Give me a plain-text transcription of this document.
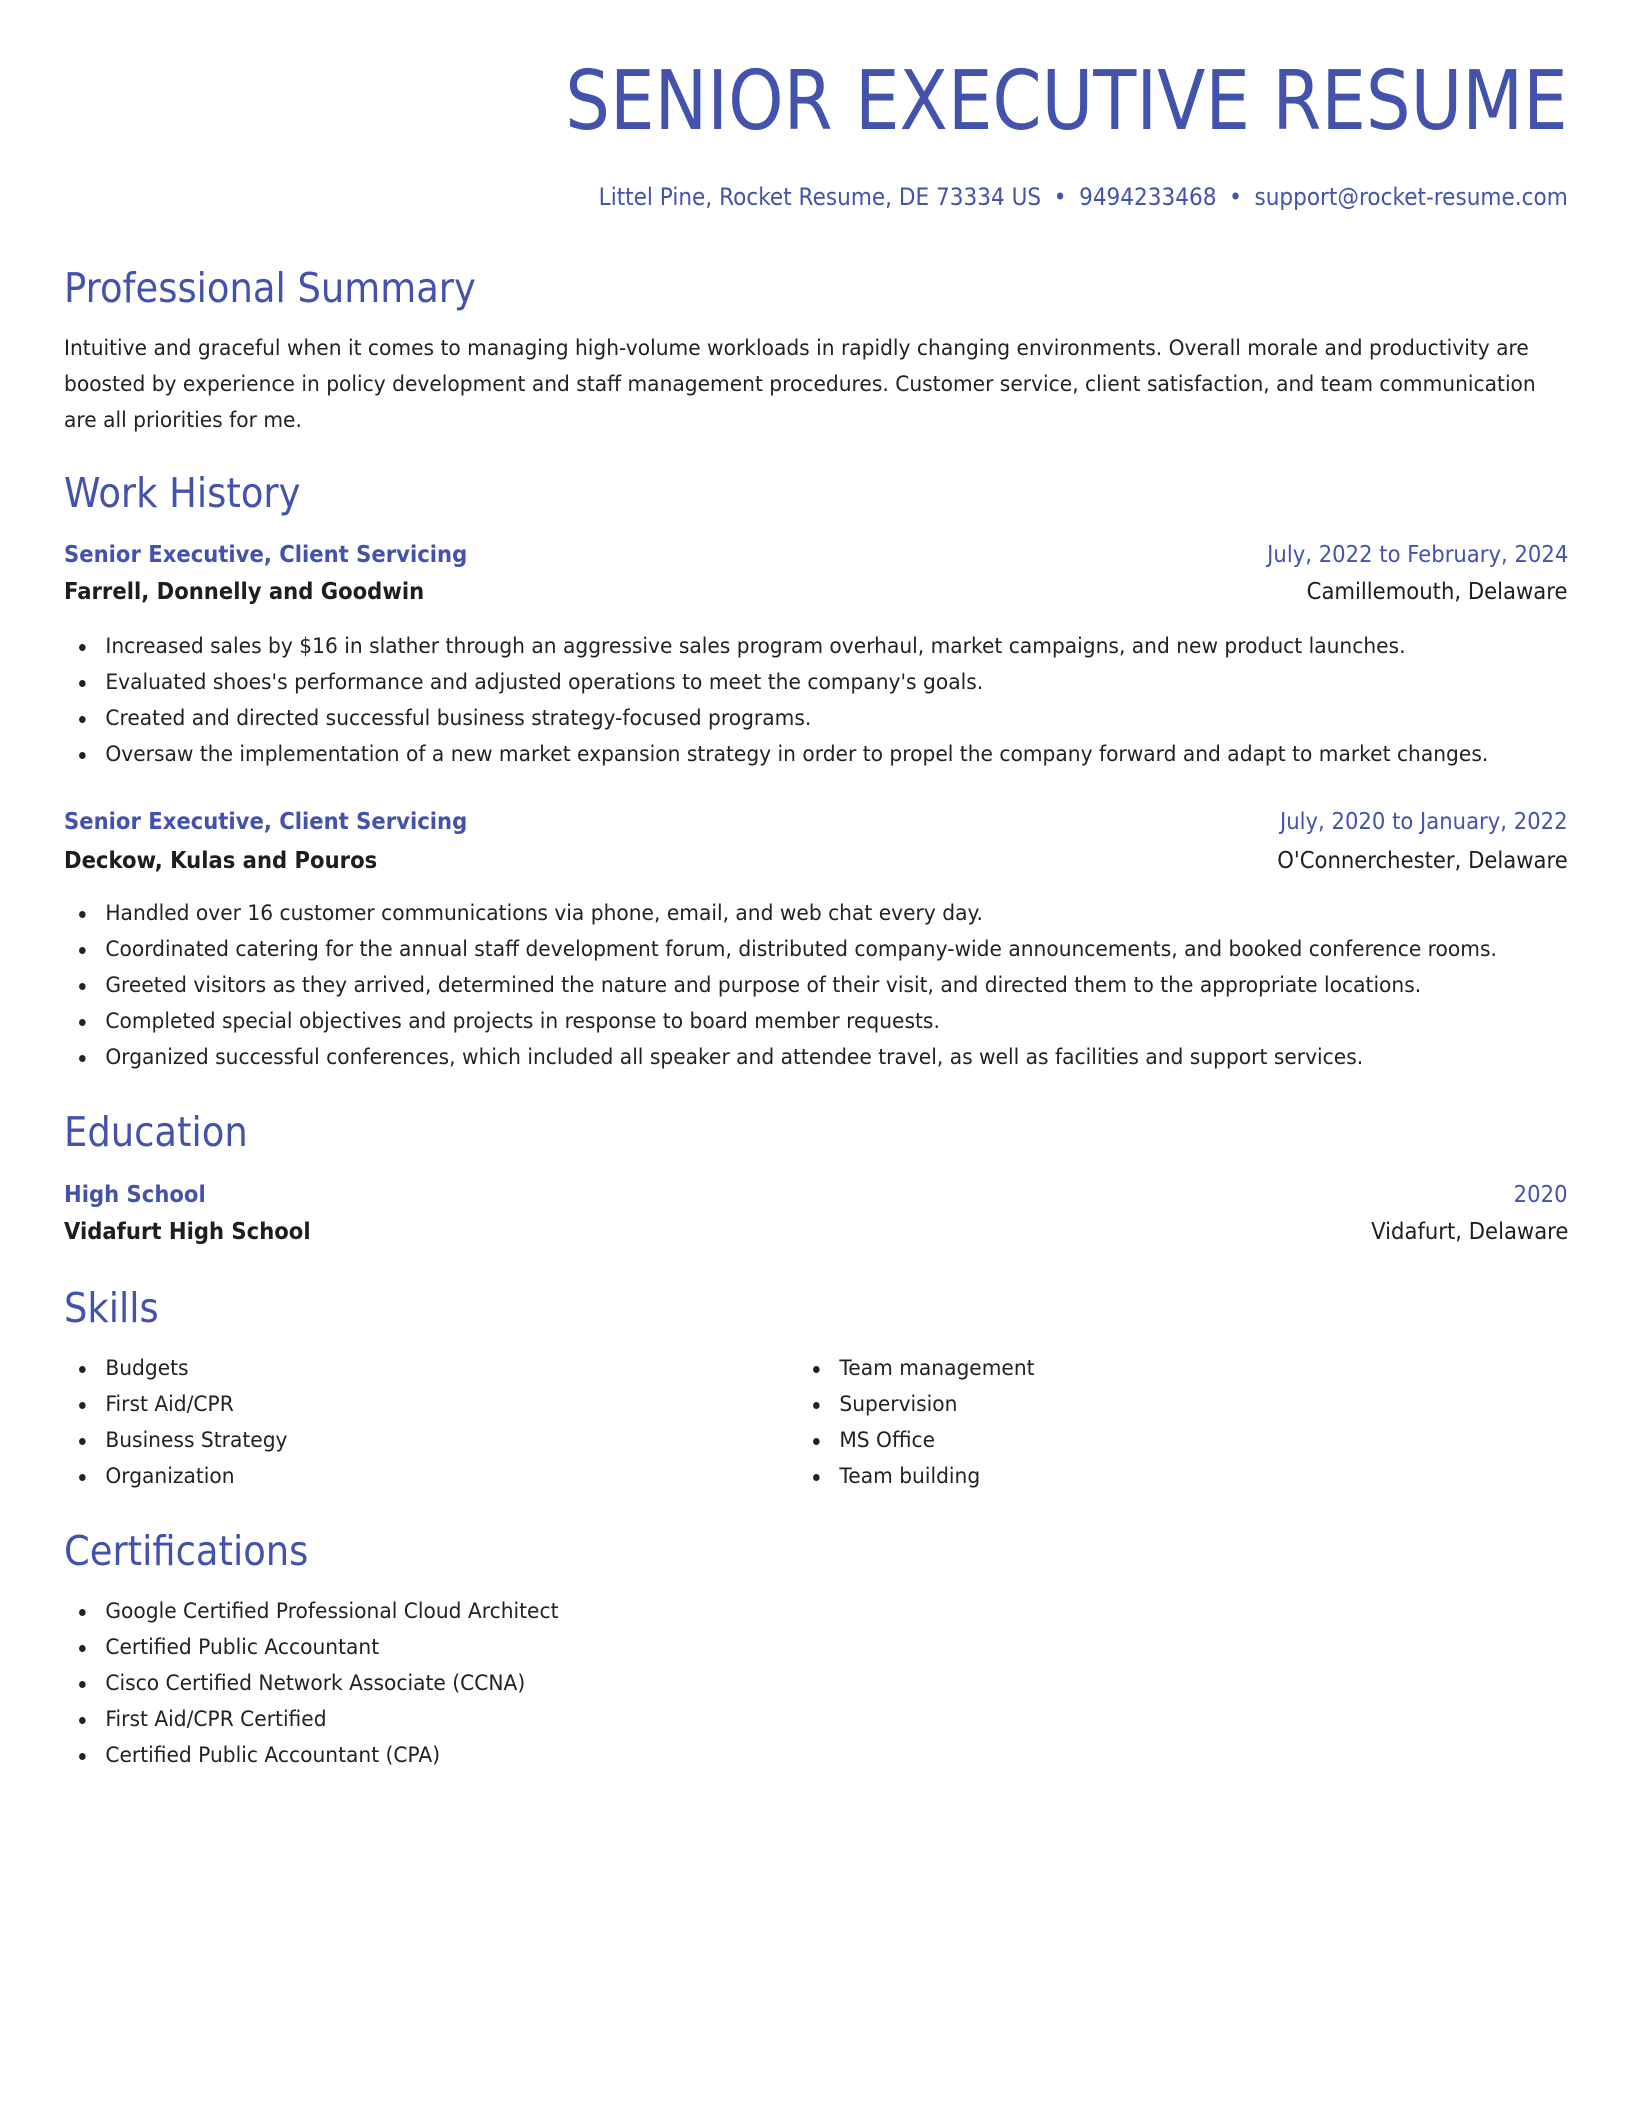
SENIOR EXECUTIVE RESUME
Littel Pine, Rocket Resume, DE 73334 US • 9494233468 • support@rocket-resume.com
Professional Summary
Intuitive and graceful when it comes to managing high-volume workloads in rapidly changing environments. Overall morale and productivity are boosted by experience in policy development and staff management procedures. Customer service, client satisfaction, and team communication are all priorities for me.
Work History
Senior Executive, Client Servicing	July, 2022 to February, 2024
Farrell, Donnelly and Goodwin	Camillemouth, Delaware
Increased sales by $16 in slather through an aggressive sales program overhaul, market campaigns, and new product launches.
Evaluated shoes's performance and adjusted operations to meet the company's goals.
Created and directed successful business strategy-focused programs.
Oversaw the implementation of a new market expansion strategy in order to propel the company forward and adapt to market changes.
Senior Executive, Client Servicing	July, 2020 to January, 2022
Deckow, Kulas and Pouros	O'Connerchester, Delaware
Handled over 16 customer communications via phone, email, and web chat every day.
Coordinated catering for the annual staff development forum, distributed company-wide announcements, and booked conference rooms.
Greeted visitors as they arrived, determined the nature and purpose of their visit, and directed them to the appropriate locations.
Completed special objectives and projects in response to board member requests.
Organized successful conferences, which included all speaker and attendee travel, as well as facilities and support services.
Education
High School	2020
Vidafurt High School	Vidafurt, Delaware
Skills
Budgets
First Aid/CPR
Business Strategy
Organization
Team management
Supervision
MS Office
Team building
Certifications
Google Certified Professional Cloud Architect
Certified Public Accountant
Cisco Certified Network Associate (CCNA)
First Aid/CPR Certified
Certified Public Accountant (CPA)
